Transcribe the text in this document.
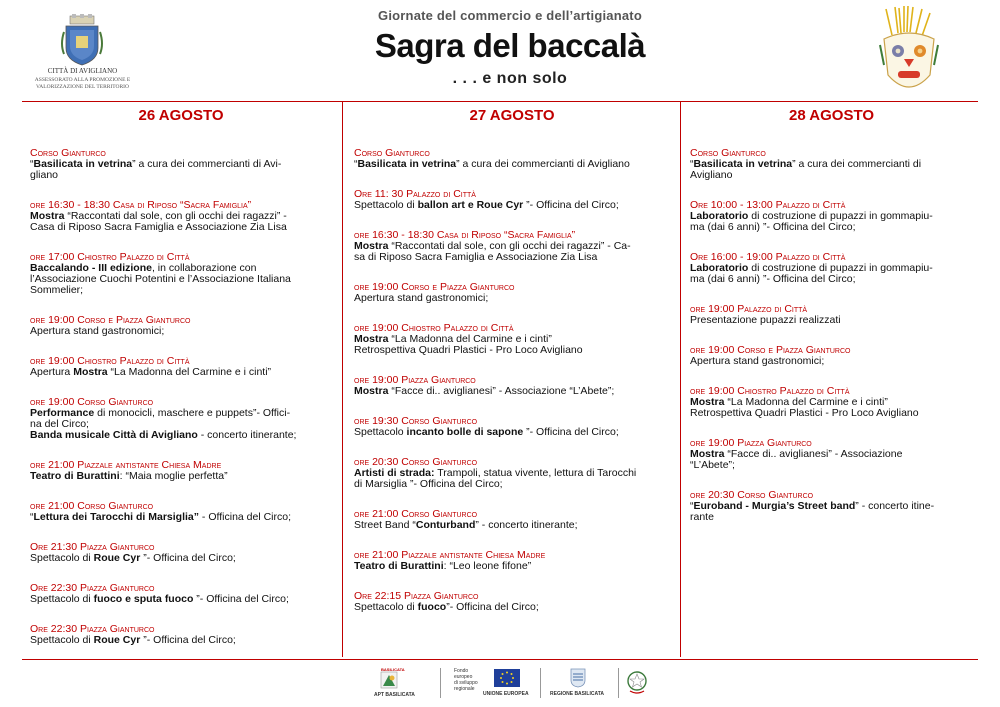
CITTÀ DI AVIGLIANO
ASSESSORATO ALLA PROMOZIONE E VALORIZZAZIONE DEL TERRITORIO
Giornate del commercio e dell’artigianato
Sagra del baccalà
. . . e non solo
26 AGOSTO
Corso Gianturco
“Basilicata in vetrina” a cura dei commercianti di Avi-
gliano
ore 16:30 - 18:30 Casa di Riposo “Sacra Famiglia”
Mostra “Raccontati dal sole, con gli occhi dei ragazzi” -
Casa di Riposo Sacra Famiglia e Associazione Zia Lisa
ore 17:00 Chiostro Palazzo di Città
Baccalando - III edizione, in collaborazione con
l’Associazione Cuochi Potentini e l’Associazione Italiana
Sommelier;
ore 19:00 Corso e Piazza Gianturco
Apertura stand gastronomici;
ore 19:00 Chiostro Palazzo di Città
Apertura Mostra “La Madonna del Carmine e i cinti”
ore 19:00 Corso Gianturco
Performance di monocicli, maschere e puppets”- Offici-
na del Circo;
Banda musicale Città di Avigliano - concerto itinerante;
ore 21:00 Piazzale antistante Chiesa Madre
Teatro di Burattini: “Maia moglie perfetta”
ore 21:00 Corso Gianturco
“Lettura dei Tarocchi di Marsiglia” - Officina del Circo;
Ore 21:30 Piazza Gianturco
Spettacolo di Roue Cyr ”- Officina del Circo;
Ore 22:30 Piazza Gianturco
Spettacolo di fuoco e sputa fuoco ”- Officina del Circo;
Ore 22:30 Piazza Gianturco
Spettacolo di Roue Cyr ”- Officina del Circo;
27 AGOSTO
Corso Gianturco
“Basilicata in vetrina” a cura dei commercianti di Avigliano
Ore 11: 30 Palazzo di Città
Spettacolo di ballon art e Roue Cyr ”- Officina del Circo;
ore 16:30 - 18:30 Casa di Riposo “Sacra Famiglia”
Mostra “Raccontati dal sole, con gli occhi dei ragazzi” - Ca-
sa di Riposo Sacra Famiglia e Associazione Zia Lisa
ore 19:00 Corso e Piazza Gianturco
Apertura stand gastronomici;
ore 19:00 Chiostro Palazzo di Città
Mostra “La Madonna del Carmine e i cinti”
Retrospettiva Quadri Plastici - Pro Loco Avigliano
ore 19:00 Piazza Gianturco
Mostra “Facce di.. aviglianesi” - Associazione “L’Abete”;
ore 19:30 Corso Gianturco
Spettacolo incanto bolle di sapone ”- Officina del Circo;
ore 20:30 Corso Gianturco
Artisti di strada: Trampoli, statua vivente, lettura di Tarocchi
di Marsiglia ”- Officina del Circo;
ore 21:00 Corso Gianturco
Street Band “Conturband” - concerto itinerante;
ore 21:00 Piazzale antistante Chiesa Madre
Teatro di Burattini: “Leo leone fifone”
Ore 22:15 Piazza Gianturco
Spettacolo di fuoco”- Officina del Circo;
28 AGOSTO
Corso Gianturco
“Basilicata in vetrina” a cura dei commercianti di
Avigliano
Ore 10:00 - 13:00 Palazzo di Città
Laboratorio di costruzione di pupazzi in gommapiu-
ma (dai 6 anni) ”- Officina del Circo;
Ore 16:00 - 19:00 Palazzo di Città
Laboratorio di costruzione di pupazzi in gommapiu-
ma (dai 6 anni) ”- Officina del Circo;
ore 19:00 Palazzo di Città
Presentazione pupazzi realizzati
ore 19:00 Corso e Piazza Gianturco
Apertura stand gastronomici;
ore 19:00 Chiostro Palazzo di Città
Mostra “La Madonna del Carmine e i cinti”
Retrospettiva Quadri Plastici - Pro Loco Avigliano
ore 19:00 Piazza Gianturco
Mostra “Facce di.. aviglianesi” - Associazione
“L’Abete”;
ore 20:30 Corso Gianturco
“Euroband - Murgia’s Street band” - concerto itine-
rante
BASILICATA
APT BASILICATA
Fondo
europeo
di sviluppo
regionale
UNIONE EUROPEA	REGIONE BASILICATA
